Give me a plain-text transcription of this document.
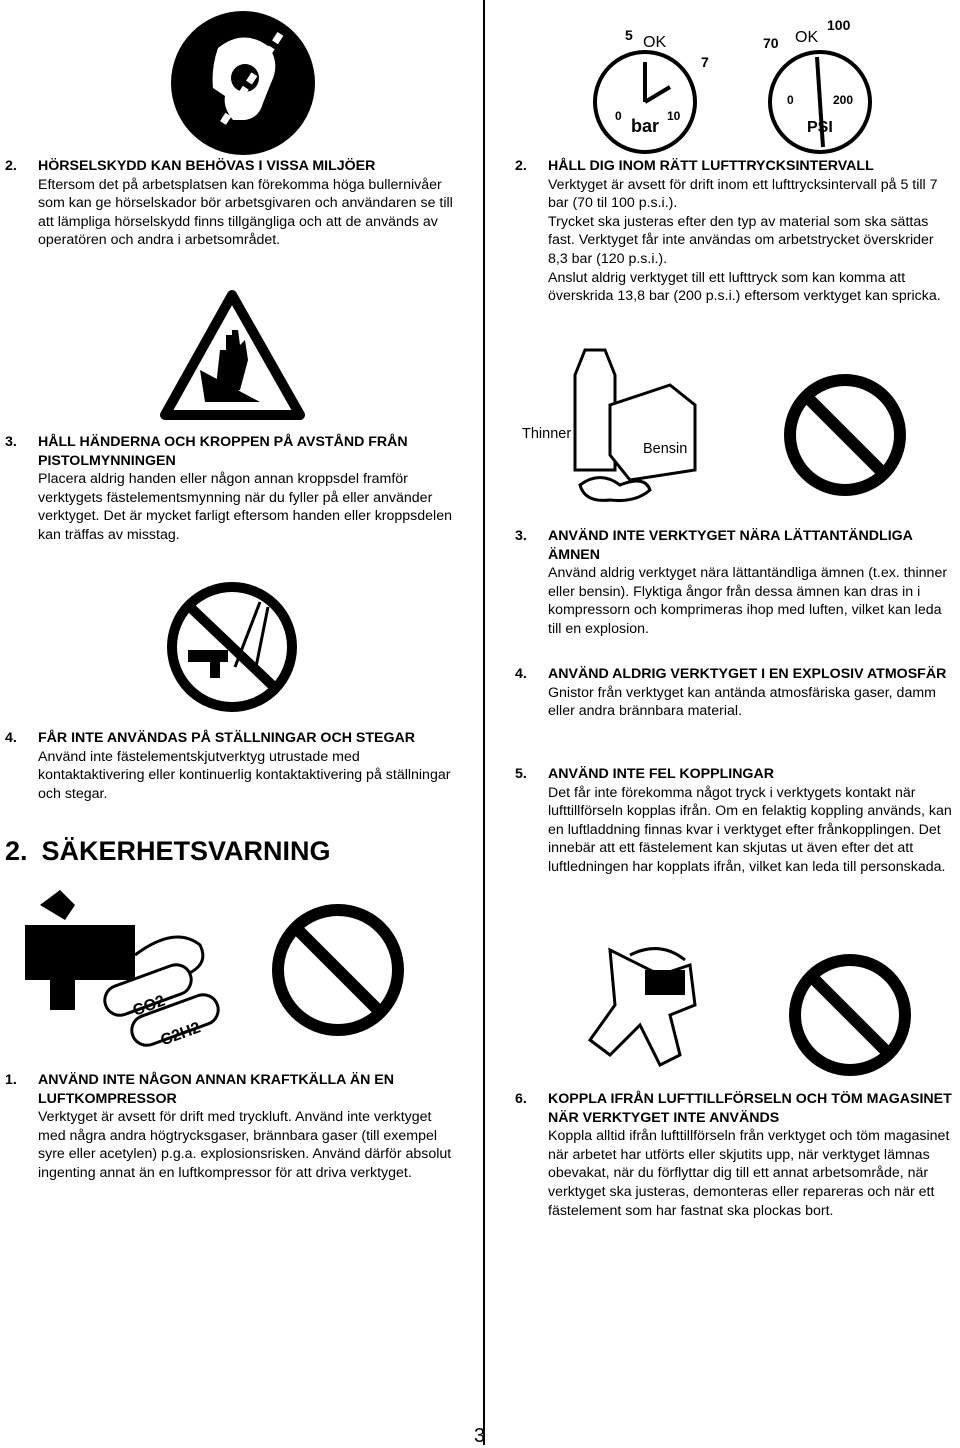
5 OK
7
0	10
bar
70 OK
100
0	200
PSI
2.	HÖRSELSKYDD KAN BEHÖVAS I VISSA MILJÖER

Eftersom det på arbetsplatsen kan förekomma höga bullernivåer som kan ge hörselskador bör arbetsgivaren och användaren se till att lämpliga hörselskydd finns tillgängliga och att de används av operatören och andra i arbetsområdet.

2.	HÅLL DIG INOM RÄTT LUFTTRYCKSINTERVALL

Verktyget är avsett för drift inom ett lufttrycksintervall på 5 till 7 bar (70 til 100 p.s.i.).
Trycket ska justeras efter den typ av material som ska sättas fast. Verktyget får inte användas om arbetstrycket överskrider 8,3 bar (120 p.s.i.).
Anslut aldrig verktyget till ett lufttryck som kan komma att överskrida 13,8 bar (200 p.s.i.) eftersom verktyget kan spricka.

Thinner
Bensin
3.	HÅLL HÄNDERNA OCH KROPPEN PÅ AVSTÅND FRÅN PISTOLMYNNINGEN

Placera aldrig handen eller någon annan kroppsdel framför verktygets fästelementsmynning när du fyller på eller använder verktyget. Det är mycket farligt eftersom handen eller kroppsdelen kan träffas av misstag.	3.	ANVÄND INTE VERKTYGET NÄRA LÄTTANTÄNDLIGA ÄMNEN

Använd aldrig verktyget nära lättantändliga ämnen (t.ex. thinner eller bensin). Flyktiga ångor från dessa ämnen kan dras in i kompressorn och komprimeras ihop med luften, vilket kan leda till en explosion.

4.	ANVÄND ALDRIG VERKTYGET I EN EXPLOSIV ATMOSFÄR

Gnistor från verktyget kan antända atmosfäriska gaser, damm eller andra brännbara material.

4.	FÅR INTE ANVÄNDAS PÅ STÄLLNINGAR OCH STEGAR

Använd inte fästelementskjutverktyg utrustade med kontaktaktivering eller kontinuerlig kontaktaktivering på ställningar och stegar.

5.	ANVÄND INTE FEL KOPPLINGAR

Det får inte förekomma något tryck i verktygets kontakt när lufttillförseln kopplas ifrån. Om en felaktig koppling används, kan en luftladdning finnas kvar i verktyget efter frånkopplingen. Det innebär att ett fästelement kan skjutas ut även efter det att luftledningen har kopplats ifrån, vilket kan leda till personskada.

2. SÄKERHETSVARNING
CO2
C2H2
1.	ANVÄND INTE NÅGON ANNAN KRAFTKÄLLA ÄN EN LUFTKOMPRESSOR

Verktyget är avsett för drift med tryckluft. Använd inte verktyget med några andra högtrycksgaser, brännbara gaser (till exempel syre eller acetylen) p.g.a. explosionsrisken. Använd därför absolut ingenting annat än en luftkompressor för att driva verktyget.

6.	KOPPLA IFRÅN LUFTTILLFÖRSELN OCH TÖM MAGASINET NÄR VERKTYGET INTE ANVÄNDS

Koppla alltid ifrån lufttillförseln från verktyget och töm magasinet när arbetet har utförts eller skjutits upp, när verktyget lämnas obevakat, när du förflyttar dig till ett annat arbetsområde, när verktyget ska justeras, demonteras eller repareras och när ett fästelement som har fastnat ska plockas bort.

3
